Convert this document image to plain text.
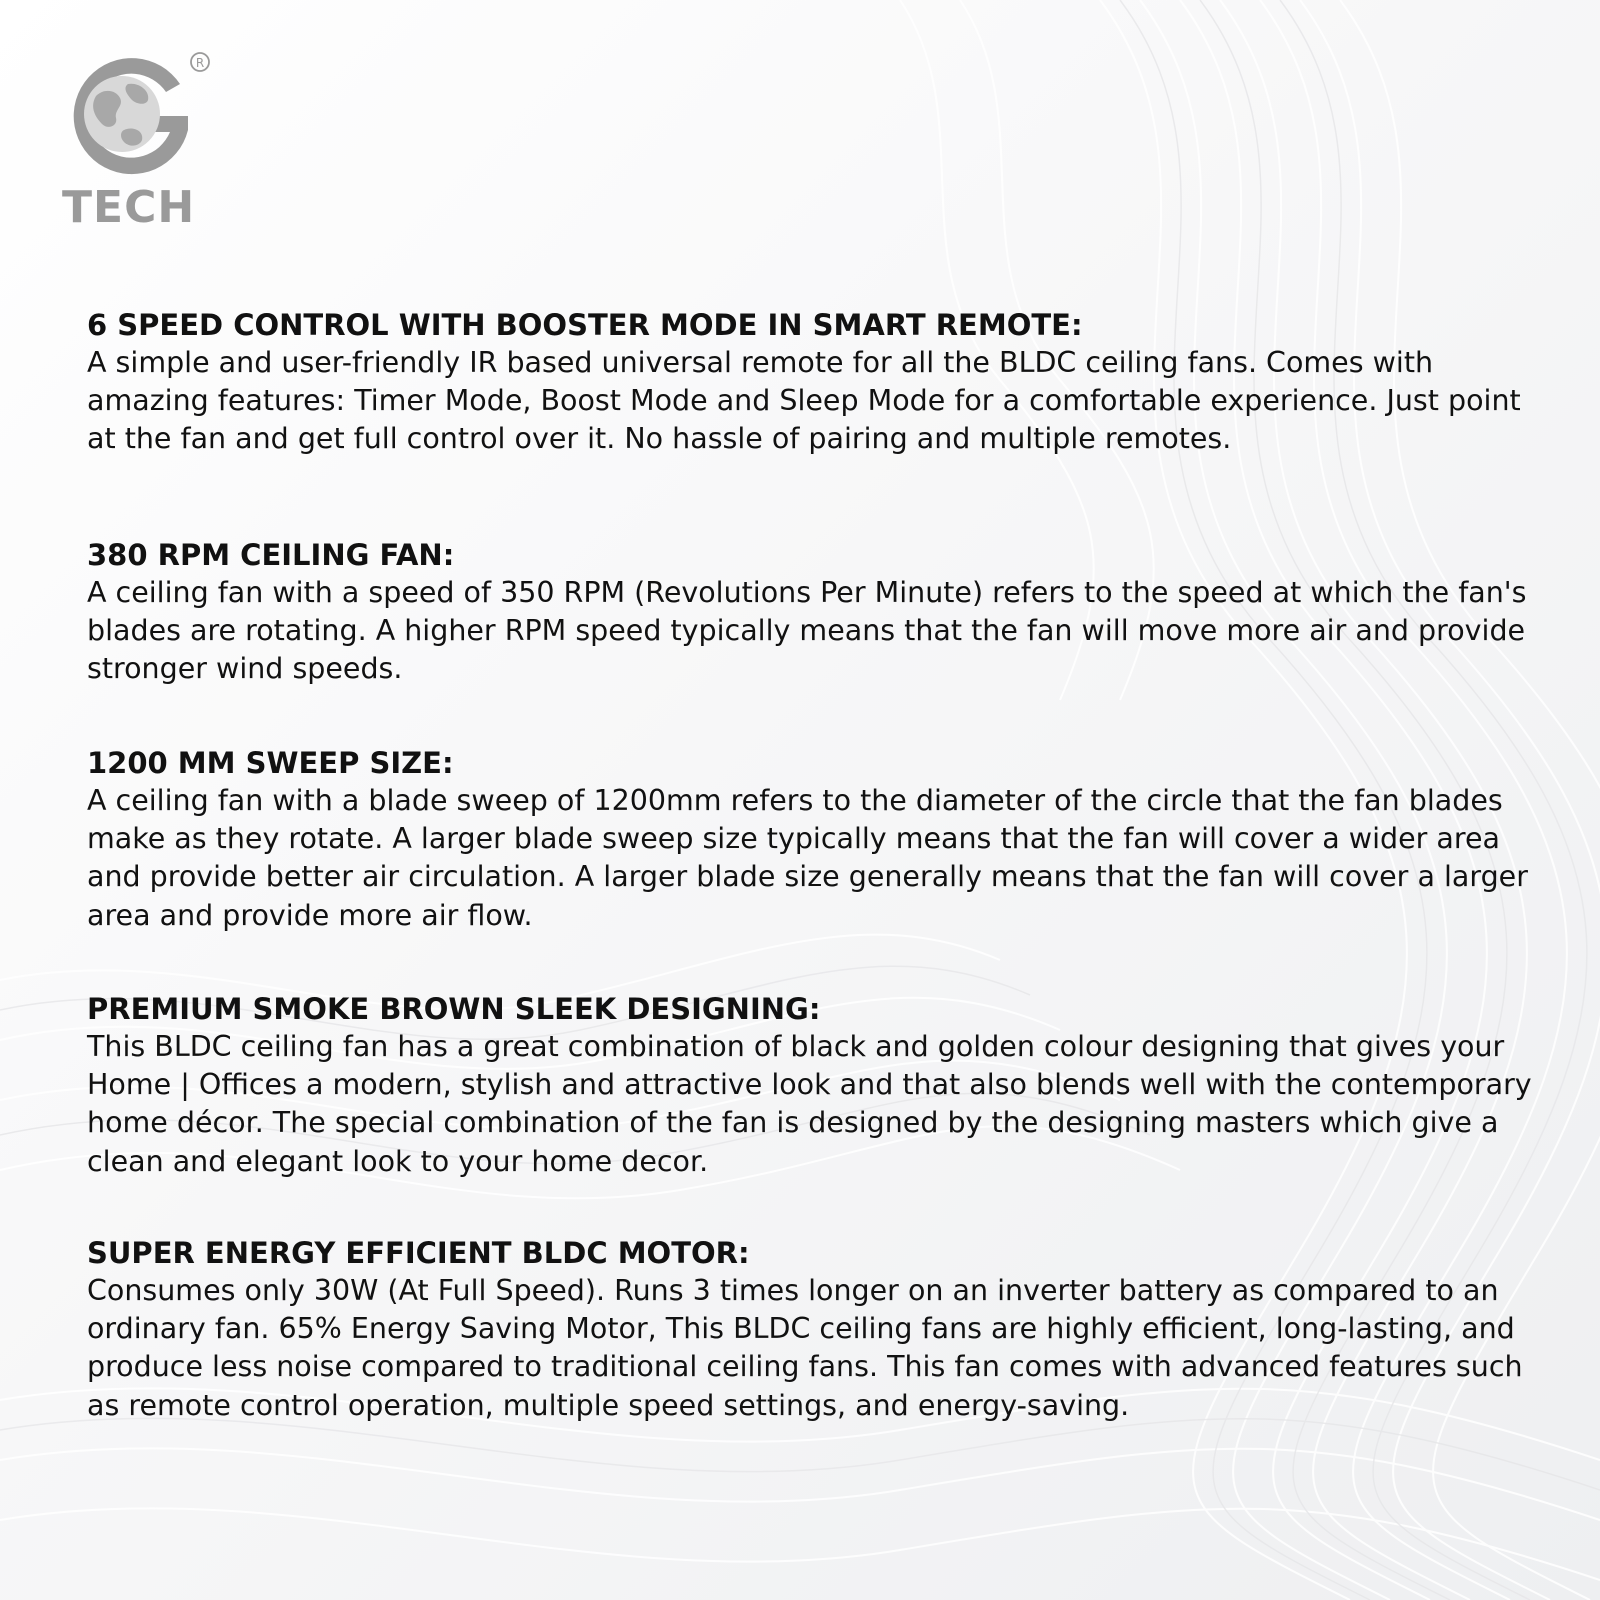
R
TECH
6 SPEED CONTROL WITH BOOSTER MODE IN SMART REMOTE:

A simple and user-friendly IR based universal remote for all the BLDC ceiling fans. Comes with amazing features: Timer Mode, Boost Mode and Sleep Mode for a comfortable experience. Just point at the fan and get full control over it. No hassle of pairing and multiple remotes.

380 RPM CEILING FAN:

A ceiling fan with a speed of 350 RPM (Revolutions Per Minute) refers to the speed at which the fan's blades are rotating. A higher RPM speed typically means that the fan will move more air and provide stronger wind speeds.

1200 MM SWEEP SIZE:

A ceiling fan with a blade sweep of 1200mm refers to the diameter of the circle that the fan blades make as they rotate. A larger blade sweep size typically means that the fan will cover a wider area and provide better air circulation. A larger blade size generally means that the fan will cover a larger area and provide more air flow.

PREMIUM SMOKE BROWN SLEEK DESIGNING:

This BLDC ceiling fan has a great combination of black and golden colour designing that gives your Home | Offices a modern, stylish and attractive look and that also blends well with the contemporary home décor. The special combination of the fan is designed by the designing masters which give a clean and elegant look to your home decor.

SUPER ENERGY EFFICIENT BLDC MOTOR:

Consumes only 30W (At Full Speed). Runs 3 times longer on an inverter battery as compared to an ordinary fan. 65% Energy Saving Motor, This BLDC ceiling fans are highly efficient, long-lasting, and produce less noise compared to traditional ceiling fans. This fan comes with advanced features such as remote control operation, multiple speed settings, and energy-saving.
